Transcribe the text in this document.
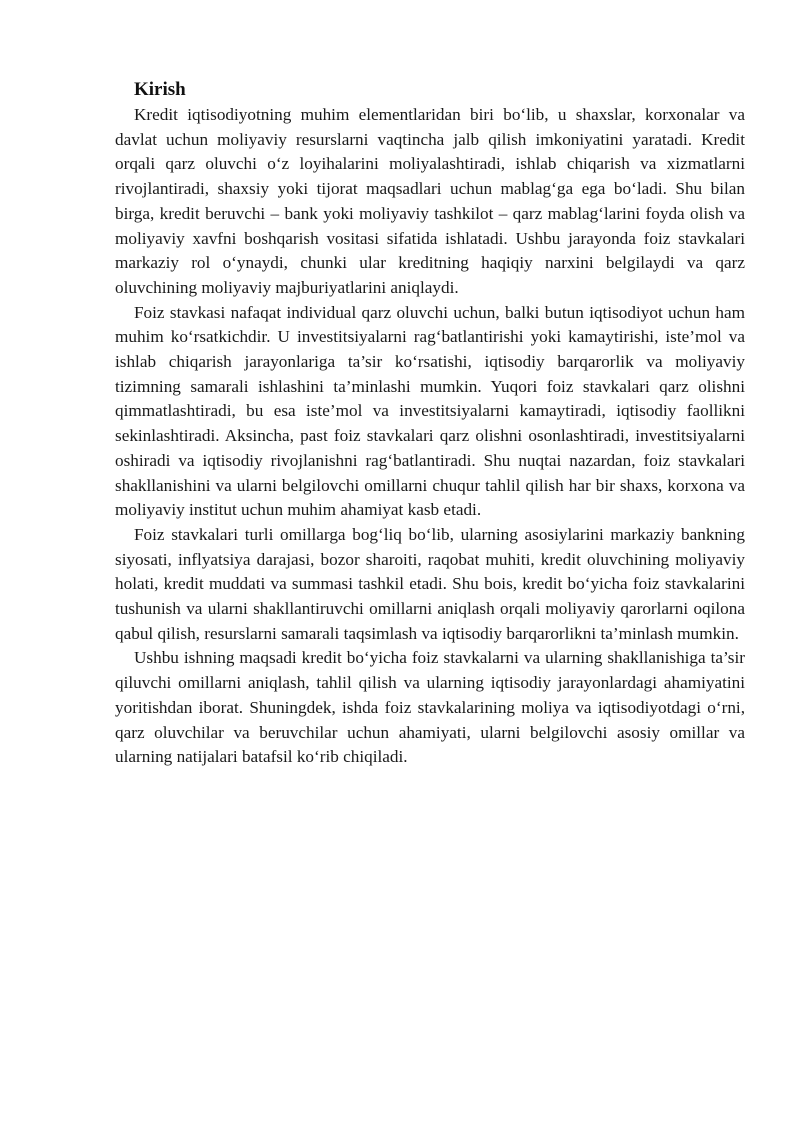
Kirish

Kredit iqtisodiyotning muhim elementlaridan biri bo‘lib, u shaxslar, korxonalar va davlat uchun moliyaviy resurslarni vaqtincha jalb qilish imkoniyatini yaratadi. Kredit orqali qarz oluvchi o‘z loyihalarini moliyalashtiradi, ishlab chiqarish va xizmatlarni rivojlantiradi, shaxsiy yoki tijorat maqsadlari uchun mablag‘ga ega bo‘ladi. Shu bilan birga, kredit beruvchi – bank yoki moliyaviy tashkilot – qarz mablag‘larini foyda olish va moliyaviy xavfni boshqarish vositasi sifatida ishlatadi. Ushbu jarayonda foiz stavkalari markaziy rol o‘ynaydi, chunki ular kreditning haqiqiy narxini belgilaydi va qarz oluvchining moliyaviy majburiyatlarini aniqlaydi.

Foiz stavkasi nafaqat individual qarz oluvchi uchun, balki butun iqtisodiyot uchun ham muhim ko‘rsatkichdir. U investitsiyalarni rag‘batlantirishi yoki kamaytirishi, iste’mol va ishlab chiqarish jarayonlariga ta’sir ko‘rsatishi, iqtisodiy barqarorlik va moliyaviy tizimning samarali ishlashini ta’minlashi mumkin. Yuqori foiz stavkalari qarz olishni qimmatlashtiradi, bu esa iste’mol va investitsiyalarni kamaytiradi, iqtisodiy faollikni sekinlashtiradi. Aksincha, past foiz stavkalari qarz olishni osonlashtiradi, investitsiyalarni oshiradi va iqtisodiy rivojlanishni rag‘batlantiradi. Shu nuqtai nazardan, foiz stavkalari shakllanishini va ularni belgilovchi omillarni chuqur tahlil qilish har bir shaxs, korxona va moliyaviy institut uchun muhim ahamiyat kasb etadi.

Foiz stavkalari turli omillarga bog‘liq bo‘lib, ularning asosiylarini markaziy bankning siyosati, inflyatsiya darajasi, bozor sharoiti, raqobat muhiti, kredit oluvchining moliyaviy holati, kredit muddati va summasi tashkil etadi. Shu bois, kredit bo‘yicha foiz stavkalarini tushunish va ularni shakllantiruvchi omillarni aniqlash orqali moliyaviy qarorlarni oqilona qabul qilish, resurslarni samarali taqsimlash va iqtisodiy barqarorlikni ta’minlash mumkin.

Ushbu ishning maqsadi kredit bo‘yicha foiz stavkalarni va ularning shakllanishiga ta’sir qiluvchi omillarni aniqlash, tahlil qilish va ularning iqtisodiy jarayonlardagi ahamiyatini yoritishdan iborat. Shuningdek, ishda foiz stavkalarining moliya va iqtisodiyotdagi o‘rni, qarz oluvchilar va beruvchilar uchun ahamiyati, ularni belgilovchi asosiy omillar va ularning natijalari batafsil ko‘rib chiqiladi.
